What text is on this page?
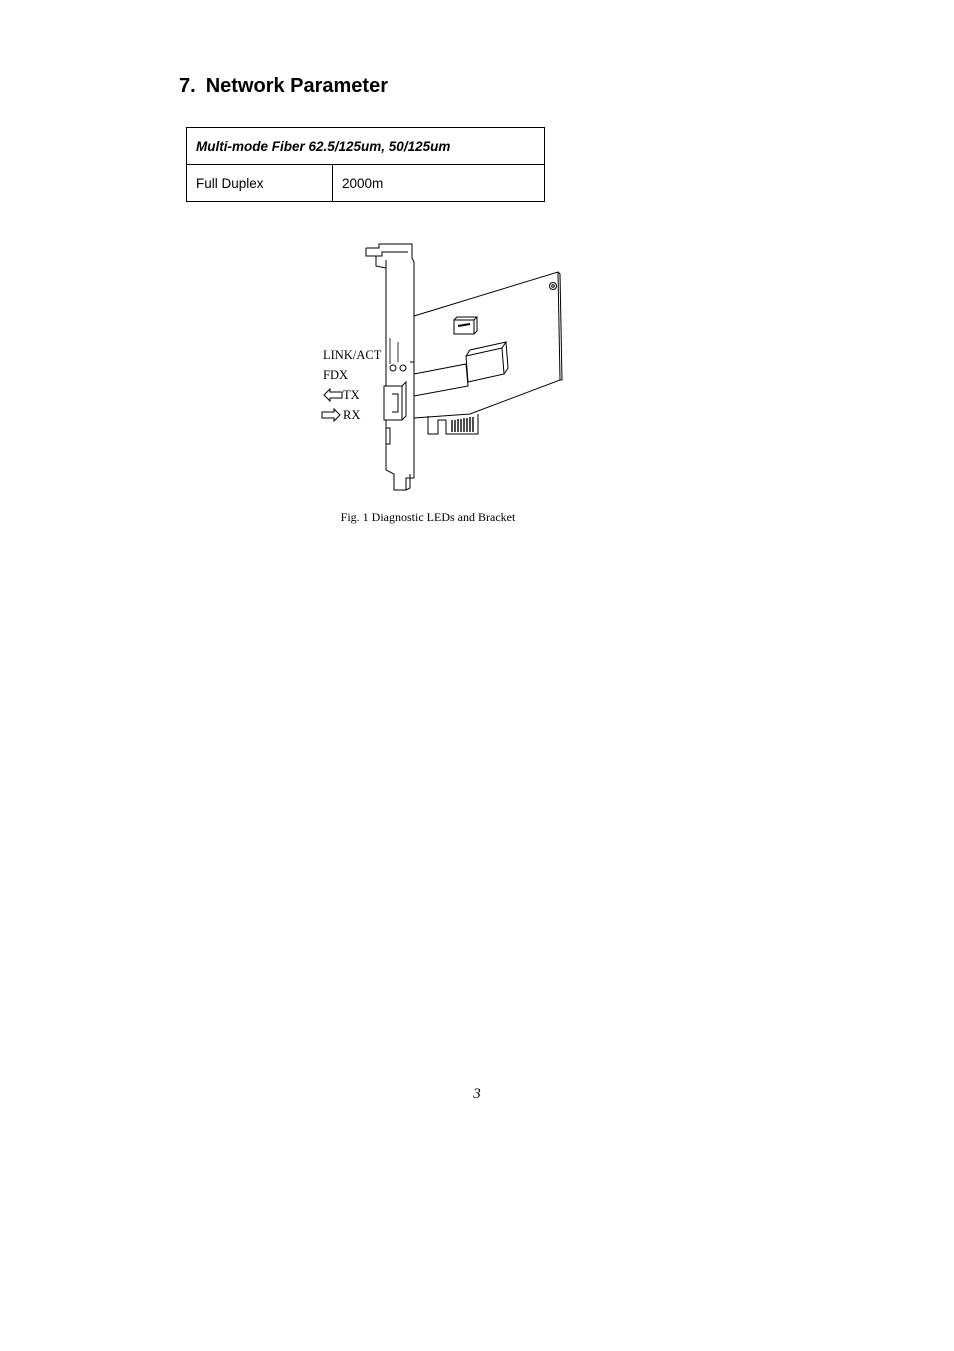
7. Network Parameter
Multi-mode Fiber 62.5/125um, 50/125um
Full Duplex	2000m
LINK/ACT
FDX
TX
RX
Fig. 1 Diagnostic LEDs and Bracket
3
